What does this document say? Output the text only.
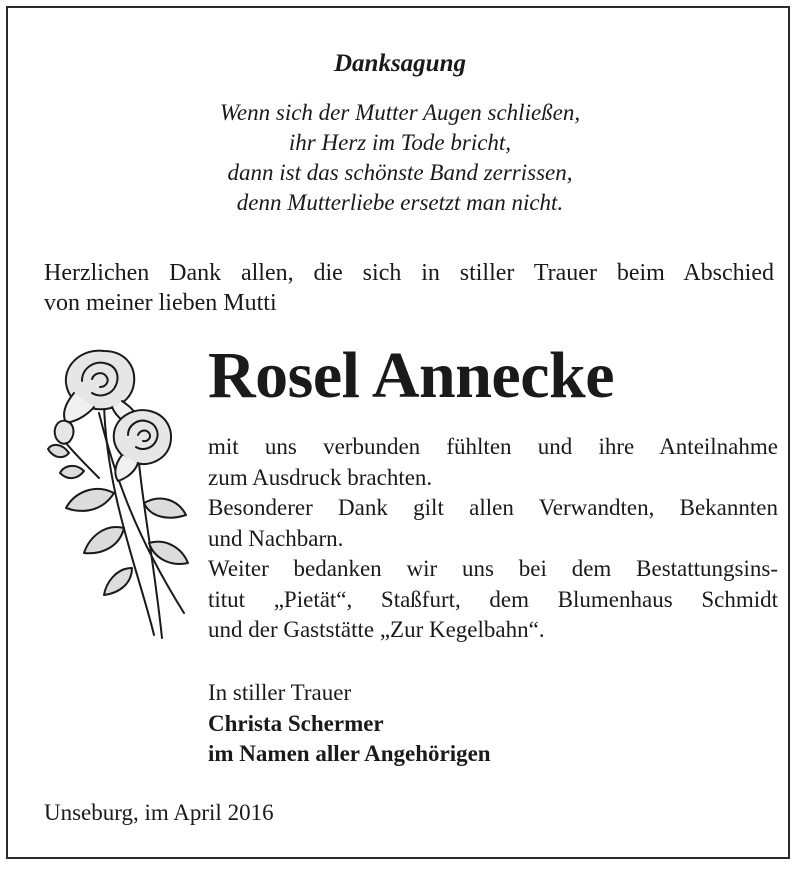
Danksagung
Wenn sich der Mutter Augen schließen,
ihr Herz im Tode bricht,
dann ist das schönste Band zerrissen,
denn Mutterliebe ersetzt man nicht.
Herzlichen Dank allen, die sich in stiller Trauer beim Abschied
von meiner lieben Mutti
Rosel Annecke
mit uns verbunden fühlten und ihre Anteilnahme
zum Ausdruck brachten.
Besonderer Dank gilt allen Verwandten, Bekannten
und Nachbarn.
Weiter bedanken wir uns bei dem Bestattungsins-
titut „Pietät“, Staßfurt, dem Blumenhaus Schmidt
und der Gaststätte „Zur Kegelbahn“.
In stiller Trauer
Christa Schermer
im Namen aller Angehörigen
Unseburg, im April 2016
